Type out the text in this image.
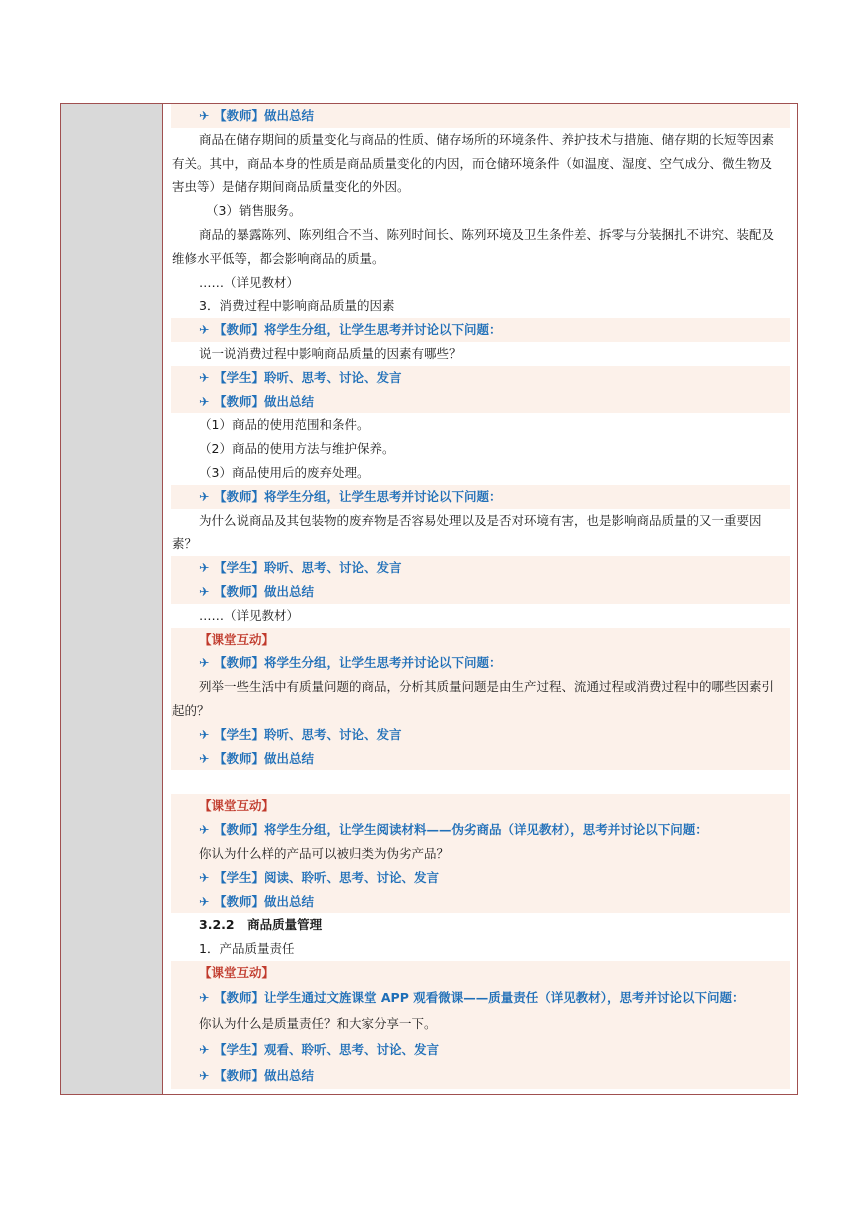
✈ 【教师】做出总结
商品在储存期间的质量变化与商品的性质、储存场所的环境条件、养护技术与措施、储存期的长短等因素
有关。其中，商品本身的性质是商品质量变化的内因，而仓储环境条件（如温度、湿度、空气成分、微生物及
害虫等）是储存期间商品质量变化的外因。
（3）销售服务。
商品的暴露陈列、陈列组合不当、陈列时间长、陈列环境及卫生条件差、拆零与分装捆扎不讲究、装配及
维修水平低等，都会影响商品的质量。
……（详见教材）
3．消费过程中影响商品质量的因素
✈ 【教师】将学生分组，让学生思考并讨论以下问题：
说一说消费过程中影响商品质量的因素有哪些？
✈ 【学生】聆听、思考、讨论、发言
✈ 【教师】做出总结
（1）商品的使用范围和条件。
（2）商品的使用方法与维护保养。
（3）商品使用后的废弃处理。
✈ 【教师】将学生分组，让学生思考并讨论以下问题：
为什么说商品及其包装物的废弃物是否容易处理以及是否对环境有害，也是影响商品质量的又一重要因
素？
✈ 【学生】聆听、思考、讨论、发言
✈ 【教师】做出总结
……（详见教材）
【课堂互动】
✈ 【教师】将学生分组，让学生思考并讨论以下问题：
列举一些生活中有质量问题的商品，分析其质量问题是由生产过程、流通过程或消费过程中的哪些因素引
起的？
✈ 【学生】聆听、思考、讨论、发言
✈ 【教师】做出总结
【课堂互动】
✈ 【教师】将学生分组，让学生阅读材料——伪劣商品（详见教材），思考并讨论以下问题：
你认为什么样的产品可以被归类为伪劣产品？
✈ 【学生】阅读、聆听、思考、讨论、发言
✈ 【教师】做出总结
3.2.2　商品质量管理
1．产品质量责任
【课堂互动】
✈ 【教师】让学生通过文旌课堂 APP 观看微课——质量责任（详见教材），思考并讨论以下问题：
你认为什么是质量责任？和大家分享一下。
✈ 【学生】观看、聆听、思考、讨论、发言
✈ 【教师】做出总结
